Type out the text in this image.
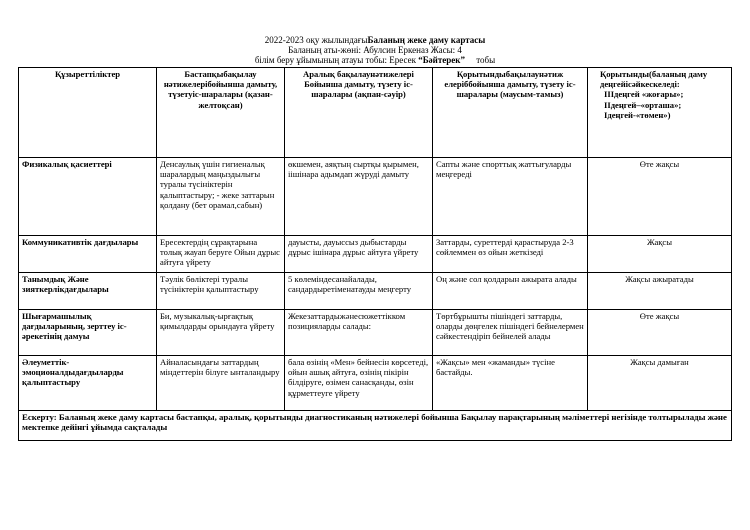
2022-2023 оқу жылындағыБаланың жеке даму картасы
Баланың аты-жөні: Абулсин Еркеназ Жасы: 4
білім беру ұйымының атауы тобы: Ересек “Бәйтерек”     тобы
Құзыреттіліктер	Бастапқыбақылау нәтижелерібойынша дамыту, түзетуіс-шаралары (қазан-желтоқсан)	Аралық бақылаунәтижелері Бойынша дамыту, түзету іс-шаралары (ақпан-сәуір)	Қорытындыбақылаунәтиж елеріббойынша дамыту, түзету іс-шаралары (маусым-тамыз)	Қорытынды(баланың даму деңгейісәйкескеледі:
ІІІдеңгей «жоғары»;
ІІдеңгей–«орташа»;
Ідеңгей-«төмен»)

Физикалық қасиеттері	Денсаулық үшін гигиеналық шаралардың маңыздылығы туралы түсініктерін қалыптастыру; - жеке заттарын қолдану (бет орамал,сабын)	өкшемен, аяқтың сыртқы қырымен, іішінара адымдап жүруді дамыту	Сапты және спорттық жаттығуларды меңгереді	Өте жақсы
Коммуникативтік дағдылары	Ересектердің сұрақтарына толық жауап беруге Ойын дұрыс айтуға үйрету	дауысты, дауыссыз дыбыстарды дұрыс ішінара дұрыс айтуға үйрету	Заттарды, суреттерді қарастыруда 2-3 сөйлеммен өз ойын жеткізеді	Жақсы
Танымдық Және зияткерлікдағдылары	Тәулік бөліктері туралы түсініктерін қалыптастыру	5 көлеміндесанайалады, сандардыретіменатауды меңгерту	Оң және сол қолдарын ажырата алады	Жақсы ажыратады
Шығармашылық дағдыларының, зерттеу іс-әрекетінің дамуы	Би, музыкалық-ырғақтық қимылдарды орындауға үйрету	Жекезаттардыжәнесюжеттікком позицияларды салады:	Төртбұрышты пішіндегі заттарды, оларды дөңгелек пішіндегі бейнелермен сәйкестендіріп бейнелей алады	Өте жақсы
Әлеуметтік-эмоционалдыдағдыларды қалыптастыру	Айналасындағы заттардың міндеттерін білуге ынталандыру	бала өзінің «Мен» бейнесін көрсетеді, ойын ашық айтуға, өзінің пікірін білдіруге, өзімен санасқанды, өзін құрметтеуге үйрету	«Жақсы» мен «жаманды» түсіне бастайды.	Жақсы дамыған
Ескерту: Баланың жеке даму картасы бастапқы, аралық, қорытынды диагностиканың нәтижелері бойынша Бақылау парақтарының мәліметтері негізінде толтырылады және мектепке дейінгі ұйымда сақталады				
